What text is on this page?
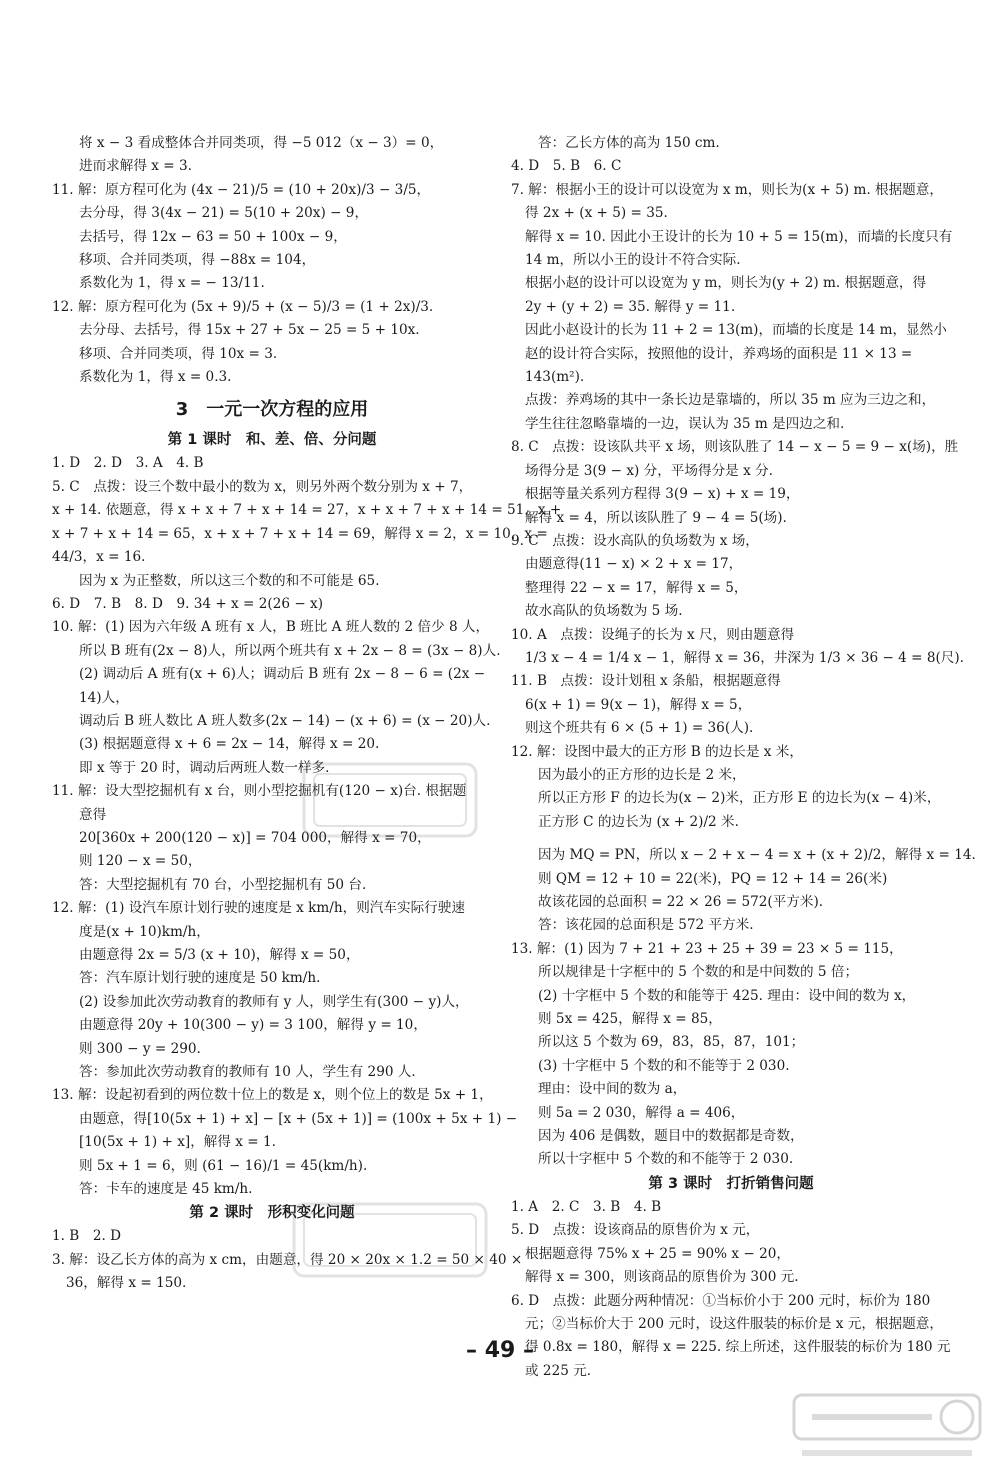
将 x − 3 看成整体合并同类项，得 −5 012（x − 3）= 0，
进而求解得 x = 3.
11. 解：原方程可化为 (4x − 21)/5 = (10 + 20x)/3 − 3/5，
去分母，得 3(4x − 21) = 5(10 + 20x) − 9，
去括号，得 12x − 63 = 50 + 100x − 9，
移项、合并同类项，得 −88x = 104，
系数化为 1，得 x = − 13/11.
12. 解：原方程可化为 (5x + 9)/5 + (x − 5)/3 = (1 + 2x)/3.
去分母、去括号，得 15x + 27 + 5x − 25 = 5 + 10x.
移项、合并同类项，得 10x = 3.
系数化为 1，得 x = 0.3.
3　一元一次方程的应用
第 1 课时　和、差、倍、分问题
1. D　2. D　3. A　4. B
5. C　点拨：设三个数中最小的数为 x，则另外两个数分别为 x + 7，
x + 14. 依题意，得 x + x + 7 + x + 14 = 27，x + x + 7 + x + 14 = 51，x +
x + 7 + x + 14 = 65，x + x + 7 + x + 14 = 69，解得 x = 2，x = 10，x =
44/3，x = 16.
因为 x 为正整数，所以这三个数的和不可能是 65.
6. D　7. B　8. D　9. 34 + x = 2(26 − x)
10. 解：(1) 因为六年级 A 班有 x 人，B 班比 A 班人数的 2 倍少 8 人，
所以 B 班有(2x − 8)人，所以两个班共有 x + 2x − 8 = (3x − 8)人.
(2) 调动后 A 班有(x + 6)人；调动后 B 班有 2x − 8 − 6 = (2x −
14)人，
调动后 B 班人数比 A 班人数多(2x − 14) − (x + 6) = (x − 20)人.
(3) 根据题意得 x + 6 = 2x − 14，解得 x = 20.
即 x 等于 20 时，调动后两班人数一样多.
11. 解：设大型挖掘机有 x 台，则小型挖掘机有(120 − x)台. 根据题
意得
20[360x + 200(120 − x)] = 704 000，解得 x = 70，
则 120 − x = 50，
答：大型挖掘机有 70 台，小型挖掘机有 50 台.
12. 解：(1) 设汽车原计划行驶的速度是 x km/h，则汽车实际行驶速
度是(x + 10)km/h，
由题意得 2x = 5/3 (x + 10)，解得 x = 50，
答：汽车原计划行驶的速度是 50 km/h.
(2) 设参加此次劳动教育的教师有 y 人，则学生有(300 − y)人，
由题意得 20y + 10(300 − y) = 3 100，解得 y = 10，
则 300 − y = 290.
答：参加此次劳动教育的教师有 10 人，学生有 290 人.
13. 解：设起初看到的两位数十位上的数是 x，则个位上的数是 5x + 1，
由题意，得[10(5x + 1) + x] − [x + (5x + 1)] = (100x + 5x + 1) −
[10(5x + 1) + x]，解得 x = 1.
则 5x + 1 = 6，则 (61 − 16)/1 = 45(km/h).
答：卡车的速度是 45 km/h.
第 2 课时　形积变化问题
1. B　2. D
3. 解：设乙长方体的高为 x cm，由题意，得 20 × 20x × 1.2 = 50 × 40 ×
36，解得 x = 150.
答：乙长方体的高为 150 cm.
4. D　5. B　6. C
7. 解：根据小王的设计可以设宽为 x m，则长为(x + 5) m. 根据题意，
得 2x + (x + 5) = 35.
解得 x = 10. 因此小王设计的长为 10 + 5 = 15(m)，而墙的长度只有
14 m，所以小王的设计不符合实际.
根据小赵的设计可以设宽为 y m，则长为(y + 2) m. 根据题意，得
2y + (y + 2) = 35. 解得 y = 11.
因此小赵设计的长为 11 + 2 = 13(m)，而墙的长度是 14 m，显然小
赵的设计符合实际，按照他的设计，养鸡场的面积是 11 × 13 =
143(m²).
点拨：养鸡场的其中一条长边是靠墙的，所以 35 m 应为三边之和，
学生往往忽略靠墙的一边，误认为 35 m 是四边之和.
8. C　点拨：设该队共平 x 场，则该队胜了 14 − x − 5 = 9 − x(场)，胜
场得分是 3(9 − x) 分，平场得分是 x 分.
根据等量关系列方程得 3(9 − x) + x = 19，
解得 x = 4，所以该队胜了 9 − 4 = 5(场).
9. C　点拨：设水高队的负场数为 x 场，
由题意得(11 − x) × 2 + x = 17，
整理得 22 − x = 17，解得 x = 5，
故水高队的负场数为 5 场.
10. A　点拨：设绳子的长为 x 尺，则由题意得
1/3 x − 4 = 1/4 x − 1，解得 x = 36，井深为 1/3 × 36 − 4 = 8(尺).
11. B　点拨：设计划租 x 条船，根据题意得
6(x + 1) = 9(x − 1)，解得 x = 5，
则这个班共有 6 × (5 + 1) = 36(人).
12. 解：设图中最大的正方形 B 的边长是 x 米，
因为最小的正方形的边长是 2 米，
所以正方形 F 的边长为(x − 2)米，正方形 E 的边长为(x − 4)米，
正方形 C 的边长为 (x + 2)/2 米.
因为 MQ = PN，所以 x − 2 + x − 4 = x + (x + 2)/2，解得 x = 14.
则 QM = 12 + 10 = 22(米)，PQ = 12 + 14 = 26(米)
故该花园的总面积 = 22 × 26 = 572(平方米).
答：该花园的总面积是 572 平方米.
13. 解：(1) 因为 7 + 21 + 23 + 25 + 39 = 23 × 5 = 115，
所以规律是十字框中的 5 个数的和是中间数的 5 倍；
(2) 十字框中 5 个数的和能等于 425. 理由：设中间的数为 x，
则 5x = 425，解得 x = 85，
所以这 5 个数为 69，83，85，87，101；
(3) 十字框中 5 个数的和不能等于 2 030.
理由：设中间的数为 a，
则 5a = 2 030，解得 a = 406，
因为 406 是偶数，题目中的数据都是奇数，
所以十字框中 5 个数的和不能等于 2 030.
第 3 课时　打折销售问题
1. A　2. C　3. B　4. B
5. D　点拨：设该商品的原售价为 x 元，
根据题意得 75% x + 25 = 90% x − 20，
解得 x = 300，则该商品的原售价为 300 元.
6. D　点拨：此题分两种情况：①当标价小于 200 元时，标价为 180
元；②当标价大于 200 元时，设这件服装的标价是 x 元，根据题意，
得 0.8x = 180，解得 x = 225. 综上所述，这件服装的标价为 180 元
或 225 元.
– 49 –
